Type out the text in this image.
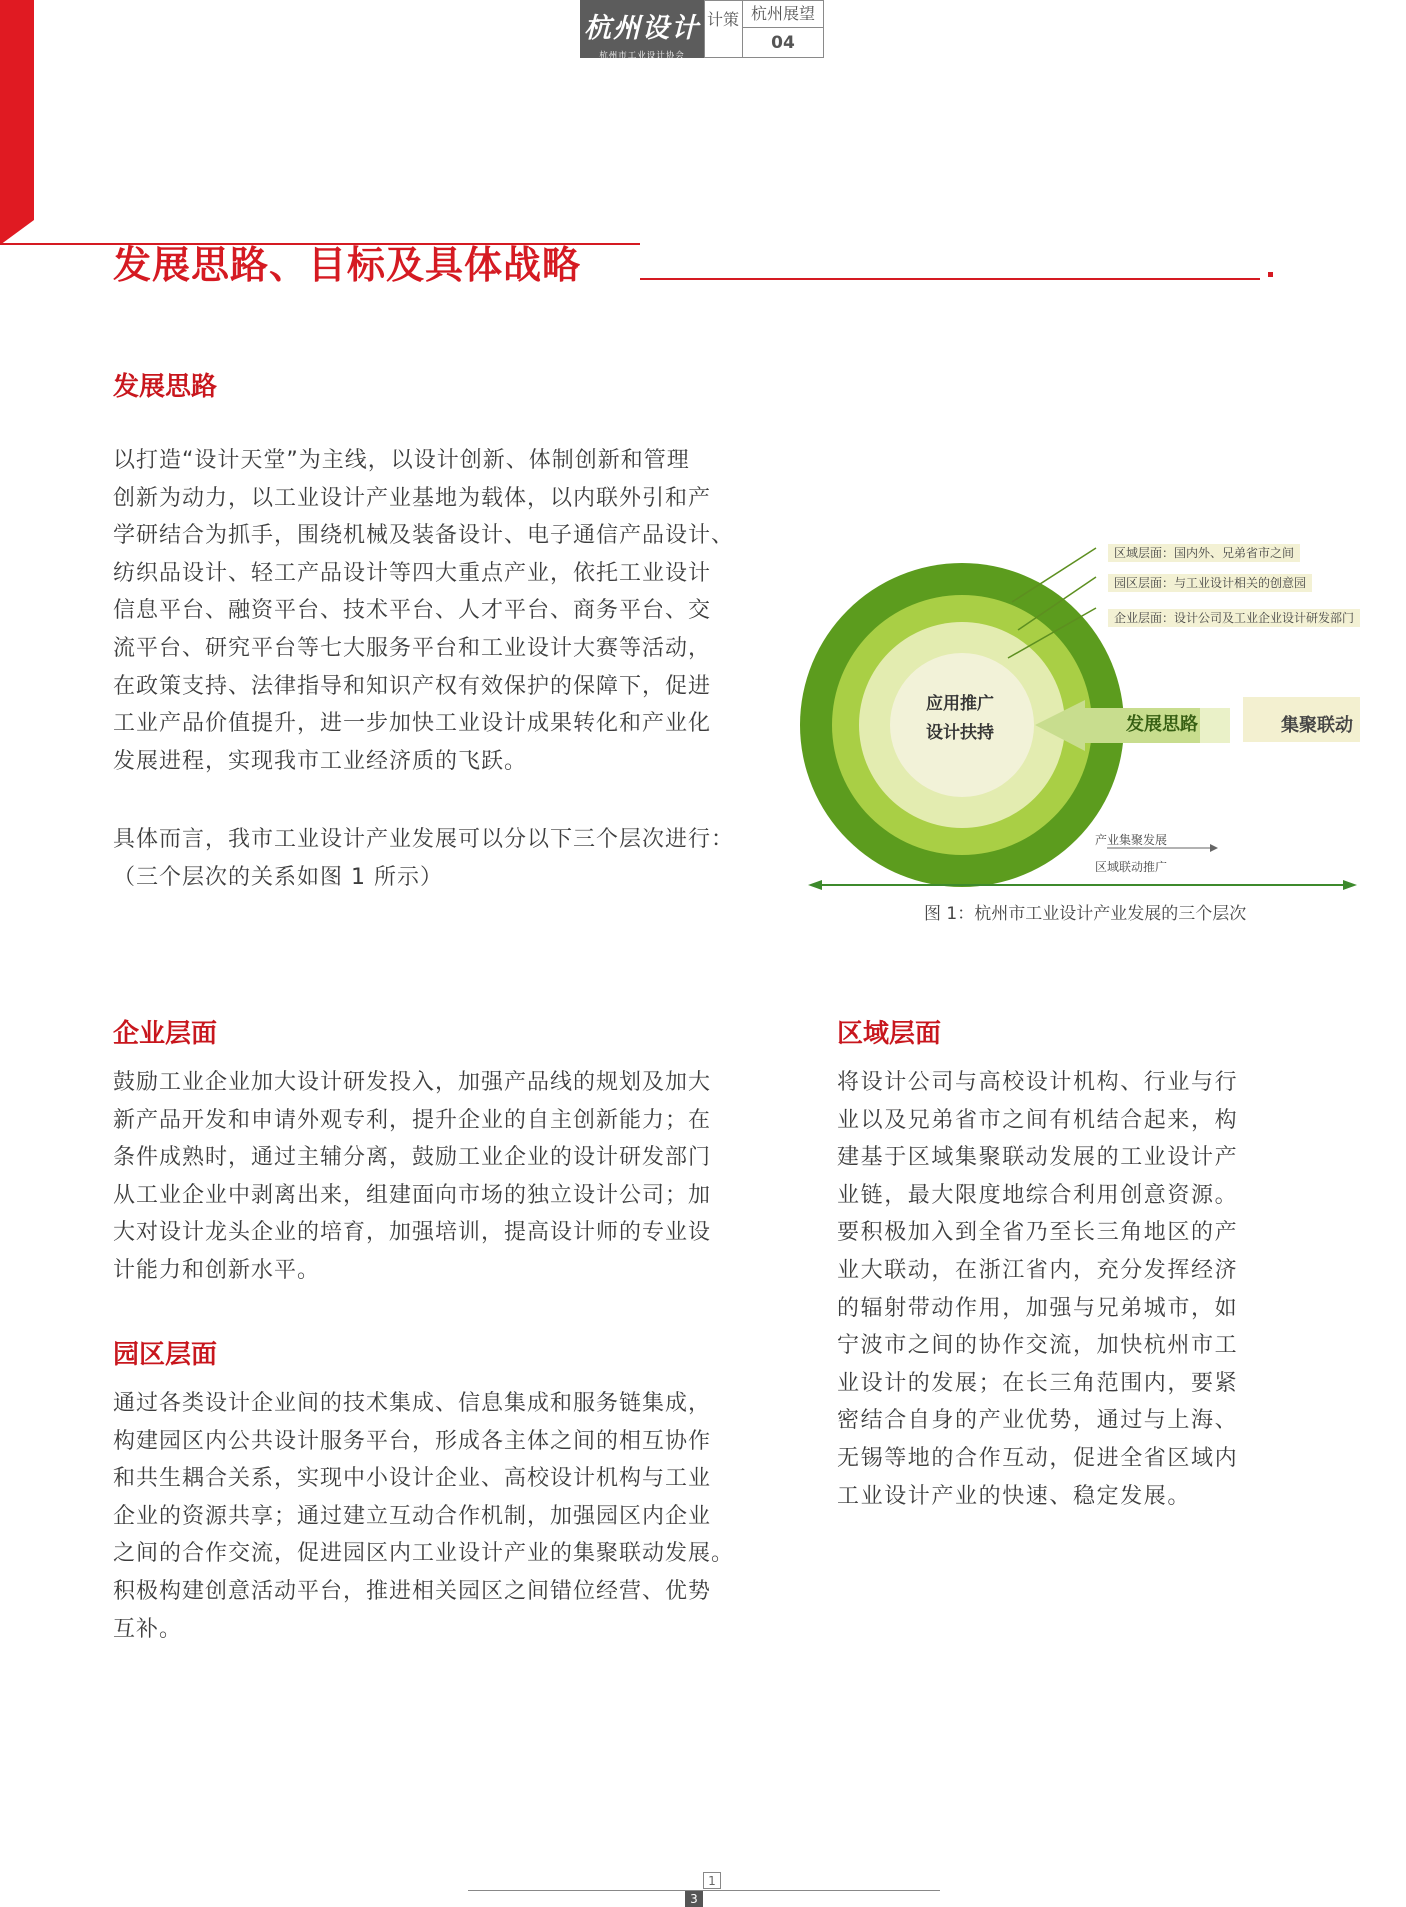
杭州设计
杭州市工业设计协会
计策 杭州展望
04
发展思路、目标及具体战略
发展思路
以打造“设计天堂”为主线，以设计创新、体制创新和管理
创新为动力，以工业设计产业基地为载体，以内联外引和产
学研结合为抓手，围绕机械及装备设计、电子通信产品设计、
纺织品设计、轻工产品设计等四大重点产业，依托工业设计
信息平台、融资平台、技术平台、人才平台、商务平台、交
流平台、研究平台等七大服务平台和工业设计大赛等活动，
在政策支持、法律指导和知识产权有效保护的保障下，促进
工业产品价值提升，进一步加快工业设计成果转化和产业化
发展进程，实现我市工业经济质的飞跃。
具体而言，我市工业设计产业发展可以分以下三个层次进行：
（三个层次的关系如图 1 所示）
区域层面：国内外、兄弟省市之间
园区层面：与工业设计相关的创意园
企业层面：设计公司及工业企业设计研发部门
应用推广
设计扶持	发展思路	集聚联动
产业集聚发展
区域联动推广
图 1：杭州市工业设计产业发展的三个层次
企业层面
鼓励工业企业加大设计研发投入，加强产品线的规划及加大
新产品开发和申请外观专利，提升企业的自主创新能力；在
条件成熟时，通过主辅分离，鼓励工业企业的设计研发部门
从工业企业中剥离出来，组建面向市场的独立设计公司；加
大对设计龙头企业的培育，加强培训，提高设计师的专业设
计能力和创新水平。
园区层面
通过各类设计企业间的技术集成、信息集成和服务链集成，
构建园区内公共设计服务平台，形成各主体之间的相互协作
和共生耦合关系，实现中小设计企业、高校设计机构与工业
企业的资源共享；通过建立互动合作机制，加强园区内企业
之间的合作交流，促进园区内工业设计产业的集聚联动发展。
积极构建创意活动平台，推进相关园区之间错位经营、优势
互补。
区域层面
将设计公司与高校设计机构、行业与行
业以及兄弟省市之间有机结合起来，构
建基于区域集聚联动发展的工业设计产
业链，最大限度地综合利用创意资源。
要积极加入到全省乃至长三角地区的产
业大联动，在浙江省内，充分发挥经济
的辐射带动作用，加强与兄弟城市，如
宁波市之间的协作交流，加快杭州市工
业设计的发展；在长三角范围内，要紧
密结合自身的产业优势，通过与上海、
无锡等地的合作互动，促进全省区域内
工业设计产业的快速、稳定发展。
1
3
